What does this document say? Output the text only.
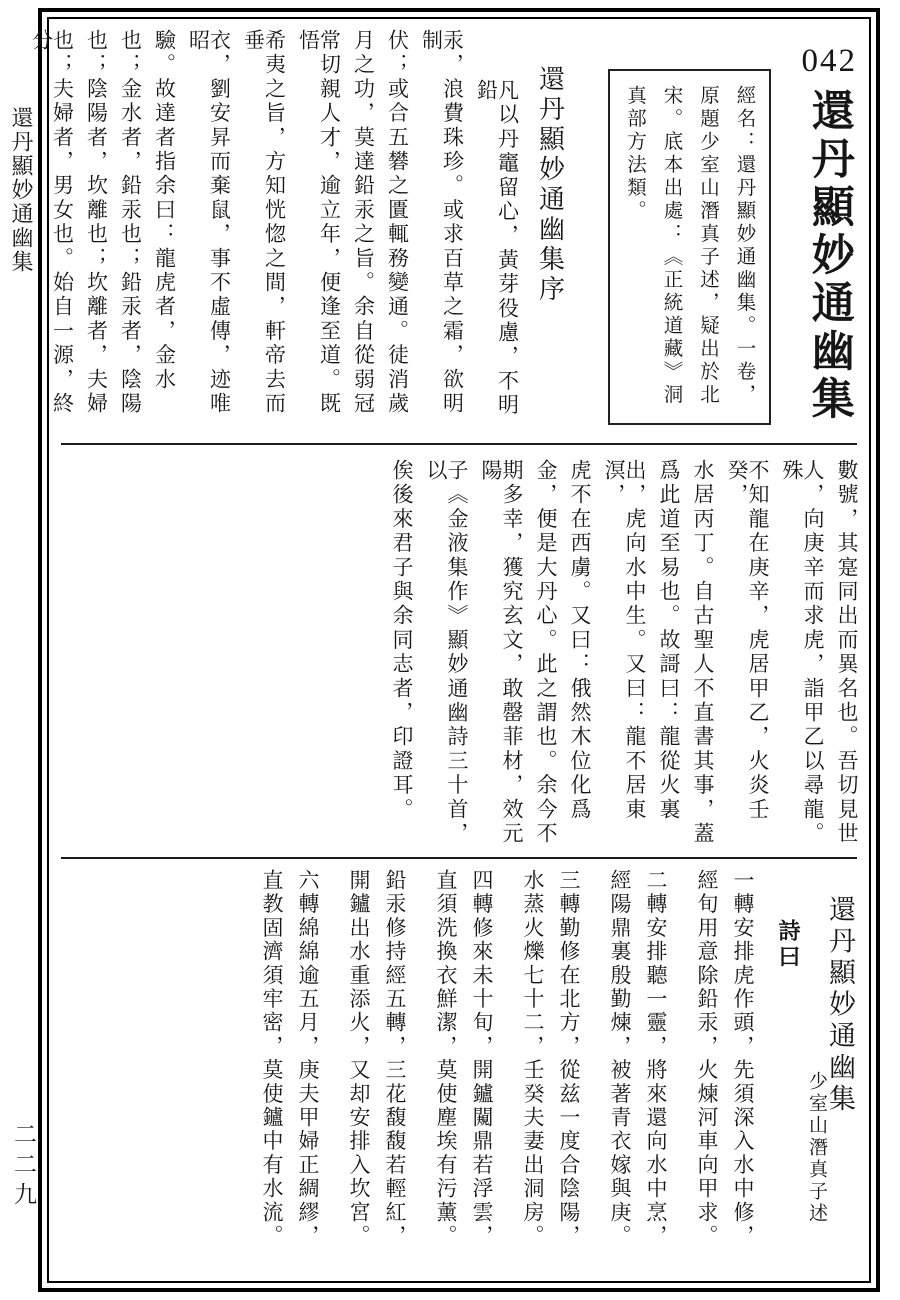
還丹顯妙通幽集
二二九
042
還丹顯妙通幽集
經名：還丹顯妙通幽集。一卷，
原題少室山潛真子述，疑出於北
宋。底本出處：《正統道藏》洞
真部方法類。
還丹顯妙通幽集序
凡以丹竈留心，黃芽役慮，不明鉛
汞，浪費珠珍。或求百草之霜，欲明制
伏；或合五礬之匱輒務變通。徒消歲
月之功，莫達鉛汞之旨。余自從弱冠
常切親人才，逾立年，便逢至道。既悟
希夷之旨，方知恍惚之間，軒帝去而垂
衣，劉安昇而棄鼠，事不虛傳，迹唯昭
驗。故達者指余曰：龍虎者，金水
也；金水者，鉛汞也；鉛汞者，陰陽
也；陰陽者，坎離也；坎離者，夫婦
也；夫婦者，男女也。始自一源，終分
數號，其寔同出而異名也。吾切見世
人，向庚辛而求虎，詣甲乙以尋龍。殊
不知龍在庚辛，虎居甲乙，火炎壬癸，
水居丙丁。自古聖人不直書其事，蓋
爲此道至易也。故謌曰：龍從火裏
出，虎向水中生。又曰：龍不居東溟，
虎不在西虜。又曰：俄然木位化爲
金，便是大丹心。此之謂也。余今不
期多幸，獲究玄文，敢罄菲材，效元陽
子《金液集作》顯妙通幽詩三十首，以
俟後來君子與余同志者，印證耳。
還丹顯妙通幽集
少室山潛真子述
詩曰
一轉安排虎作頭，先須深入水中修，
經旬用意除鉛汞，火煉河車向甲求。
二轉安排聽一靈，將來還向水中烹，
經陽鼎裏殷勤煉，被著青衣嫁與庚。
三轉勤修在北方，從兹一度合陰陽，
水蒸火爍七十二，壬癸夫妻出洞房。
四轉修來未十旬，開鑪闚鼎若浮雲，
直須洗換衣鮮潔，莫使塵埃有污薰。
鉛汞修持經五轉，三花馥馥若輕紅，
開鑪出水重添火，又却安排入坎宮。
六轉綿綿逾五月，庚夫甲婦正綢繆，
直教固濟須牢密，莫使鑪中有水流。
